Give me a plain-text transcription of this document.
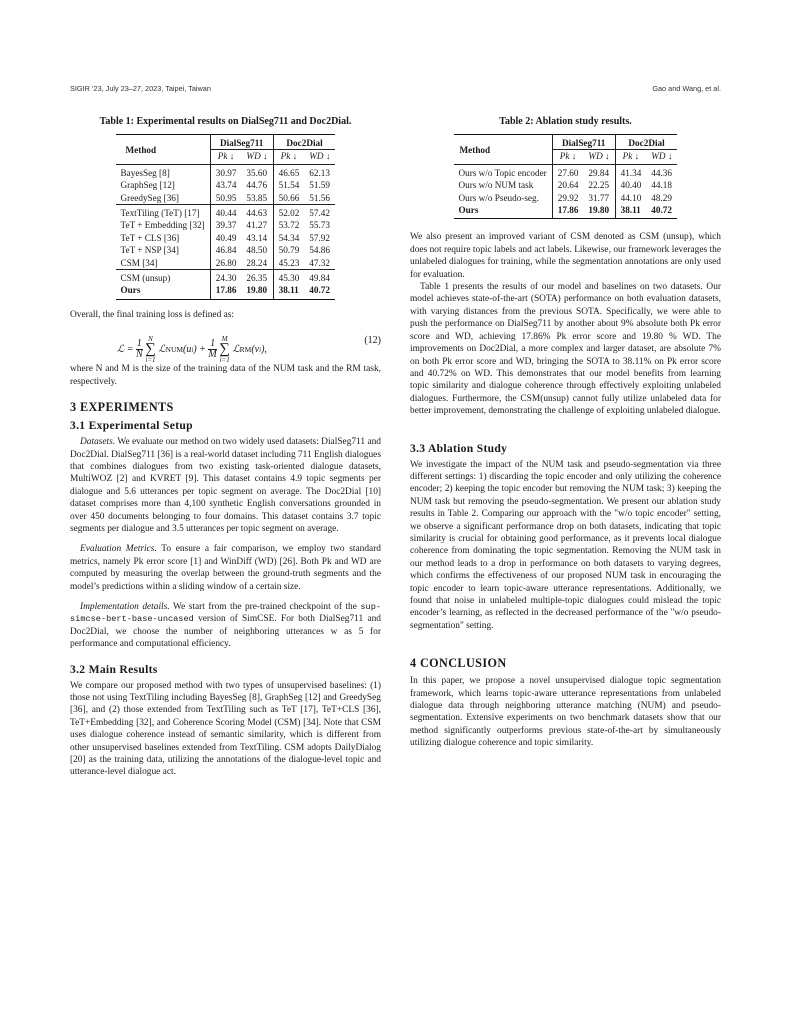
SIGIR ’23, July 23–27, 2023, Taipei, Taiwan	Gao and Wang, et al.
Table 1: Experimental results on DialSeg711 and Doc2Dial.
Method	DialSeg711		Doc2Dial	
	Pk ↓	WD ↓	Pk ↓	WD ↓
BayesSeg [8]	30.97	35.60	46.65	62.13
GraphSeg [12]	43.74	44.76	51.54	51.59
GreedySeg [36]	50.95	53.85	50.66	51.56
TextTiling (TeT) [17]	40.44	44.63	52.02	57.42
TeT + Embedding [32]	39.37	41.27	53.72	55.73
TeT + CLS [36]	40.49	43.14	54.34	57.92
TeT + NSP [34]	46.84	48.50	50.79	54.86
CSM [34]	26.80	28.24	45.23	47.32
CSM (unsup)	24.30	26.35	45.30	49.84
Ours	17.86	19.80	38.11	40.72

Overall, the final training loss is defined as:

ℒ = $\frac{1}{N}$
N
∑
i=1
ℒNUM(ui) + $\frac{1}{M}$
M
∑
i=1
ℒRM(vi),
(12)

where N and M is the size of the training data of the NUM task and the RM task, respectively.

3 EXPERIMENTS
3.1 Experimental Setup

Datasets. We evaluate our method on two widely used datasets: DialSeg711 and Doc2Dial. DialSeg711 [36] is a real-world dataset including 711 English dialogues that combines dialogues from two existing task-oriented dialogue datasets, MultiWOZ [2] and KVRET [9]. This dataset contains 4.9 topic segments per dialogue and 5.6 utterances per topic segment on average. The Doc2Dial [10] dataset comprises more than 4,100 synthetic English conversations grounded in over 450 documents belonging to four domains. This dataset contains 3.7 topic segments per dialogue and 3.5 utterances per topic segment on average.

Evaluation Metrics. To ensure a fair comparison, we employ two standard metrics, namely Pk error score [1] and WinDiff (WD) [26]. Both Pk and WD are computed by measuring the overlap between the ground-truth segments and the model’s predictions within a sliding window of a certain size.

Implementation details. We start from the pre-trained checkpoint of the sup-simcse-bert-base-uncased version of SimCSE. For both DialSeg711 and Doc2Dial, we choose the number of neighboring utterances w as 5 for performance and computational efficiency.

3.2 Main Results

We compare our proposed method with two types of unsupervised baselines: (1) those not using TextTiling including BayesSeg [8], GraphSeg [12] and GreedySeg [36], and (2) those extended from TextTiling such as TeT [17], TeT+CLS [36], TeT+Embedding [32], and Coherence Scoring Model (CSM) [34]. Note that CSM uses dialogue coherence instead of semantic similarity, which is different from other unsupervised baselines extended from TextTiling. CSM adopts DailyDialog [20] as the training data, utilizing the annotations of the dialogue-level topic and utterance-level dialogue act.

Table 2: Ablation study results.
Method	DialSeg711		Doc2Dial	
	Pk ↓	WD ↓	Pk ↓	WD ↓
Ours w/o Topic encoder	27.60	29.84	41.34	44.36
Ours w/o NUM task	20.64	22.25	40.40	44.18
Ours w/o Pseudo-seg.	29.92	31.77	44.10	48.29
Ours	17.86	19.80	38.11	40.72

We also present an improved variant of CSM denoted as CSM (unsup), which does not require topic labels and act labels. Likewise, our framework leverages the unlabeled dialogues for training, while the segmentation annotations are only used for evaluation.

Table 1 presents the results of our model and baselines on two datasets. Our model achieves state-of-the-art (SOTA) performance on both evaluation datasets, with varying distances from the previous SOTA. Specifically, we were able to push the performance on DialSeg711 by another about 9% absolute both Pk error score and WD, achieving 17.86% Pk error score and 19.80 % WD. The improvements on Doc2Dial, a more complex and larger dataset, are absolute 7% on both Pk error score and WD, bringing the SOTA to 38.11% on Pk error score and 40.72% on WD. This demonstrates that our model benefits from learning topic similarity and dialogue coherence through effectively exploiting unlabeled dialogues. Furthermore, the CSM(unsup) cannot fully utilize unlabeled data for better improvement, demonstrating the challenge of exploiting unlabeled dialogue.

3.3 Ablation Study

We investigate the impact of the NUM task and pseudo-segmentation via three different settings: 1) discarding the topic encoder and only utilizing the coherence encoder; 2) keeping the topic encoder but removing the NUM task; 3) keeping the NUM task but removing the pseudo-segmentation. We present our ablation study results in Table 2. Comparing our approach with the "w/o topic encoder" setting, we observe a significant performance drop on both datasets, indicating that topic similarity is crucial for obtaining good performance, as it prevents local dialogue coherence from dominating the topic segmentation. Removing the NUM task in our method leads to a drop in performance on both datasets to varying degrees, which confirms the effectiveness of our proposed NUM task in encouraging the topic encoder to learn topic-aware utterance representations. Additionally, we found that noise in unlabeled multiple-topic dialogues could mislead the topic encoder’s learning, as reflected in the decreased performance of the "w/o pseudo-segmentation" setting.

4 CONCLUSION

In this paper, we propose a novel unsupervised dialogue topic segmentation framework, which learns topic-aware utterance representations from unlabeled dialogue data through neighboring utterance matching (NUM) and pseudo-segmentation. Extensive experiments on two benchmark datasets show that our method significantly outperforms previous state-of-the-art by simultaneously utilizing dialogue coherence and topic similarity.
